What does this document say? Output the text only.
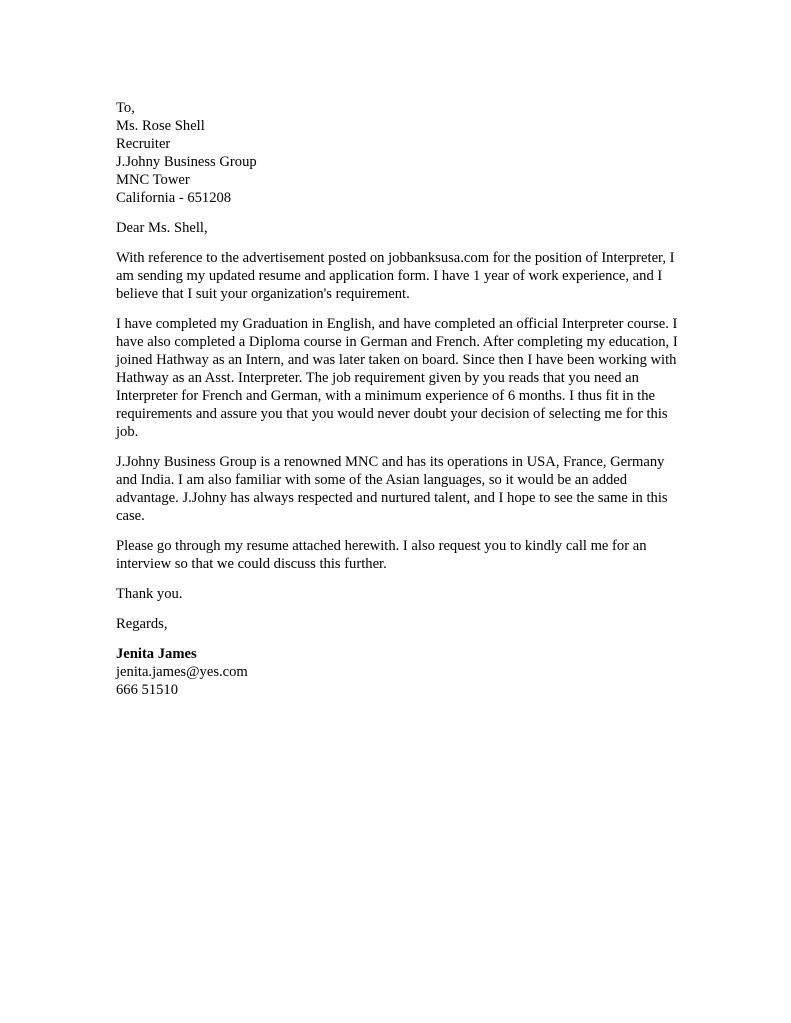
To,
Ms. Rose Shell
Recruiter
J.Johny Business Group
MNC Tower
California - 651208

Dear Ms. Shell,

With reference to the advertisement posted on jobbanksusa.com for the position of Interpreter, I am sending my updated resume and application form. I have 1 year of work experience, and I believe that I suit your organization's requirement.

I have completed my Graduation in English, and have completed an official Interpreter course. I have also completed a Diploma course in German and French. After completing my education, I joined Hathway as an Intern, and was later taken on board. Since then I have been working with Hathway as an Asst. Interpreter. The job requirement given by you reads that you need an Interpreter for French and German, with a minimum experience of 6 months. I thus fit in the requirements and assure you that you would never doubt your decision of selecting me for this job.

J.Johny Business Group is a renowned MNC and has its operations in USA, France, Germany and India. I am also familiar with some of the Asian languages, so it would be an added advantage. J.Johny has always respected and nurtured talent, and I hope to see the same in this case.

Please go through my resume attached herewith. I also request you to kindly call me for an interview so that we could discuss this further.

Thank you.

Regards,

Jenita James
jenita.james@yes.com
666 51510
